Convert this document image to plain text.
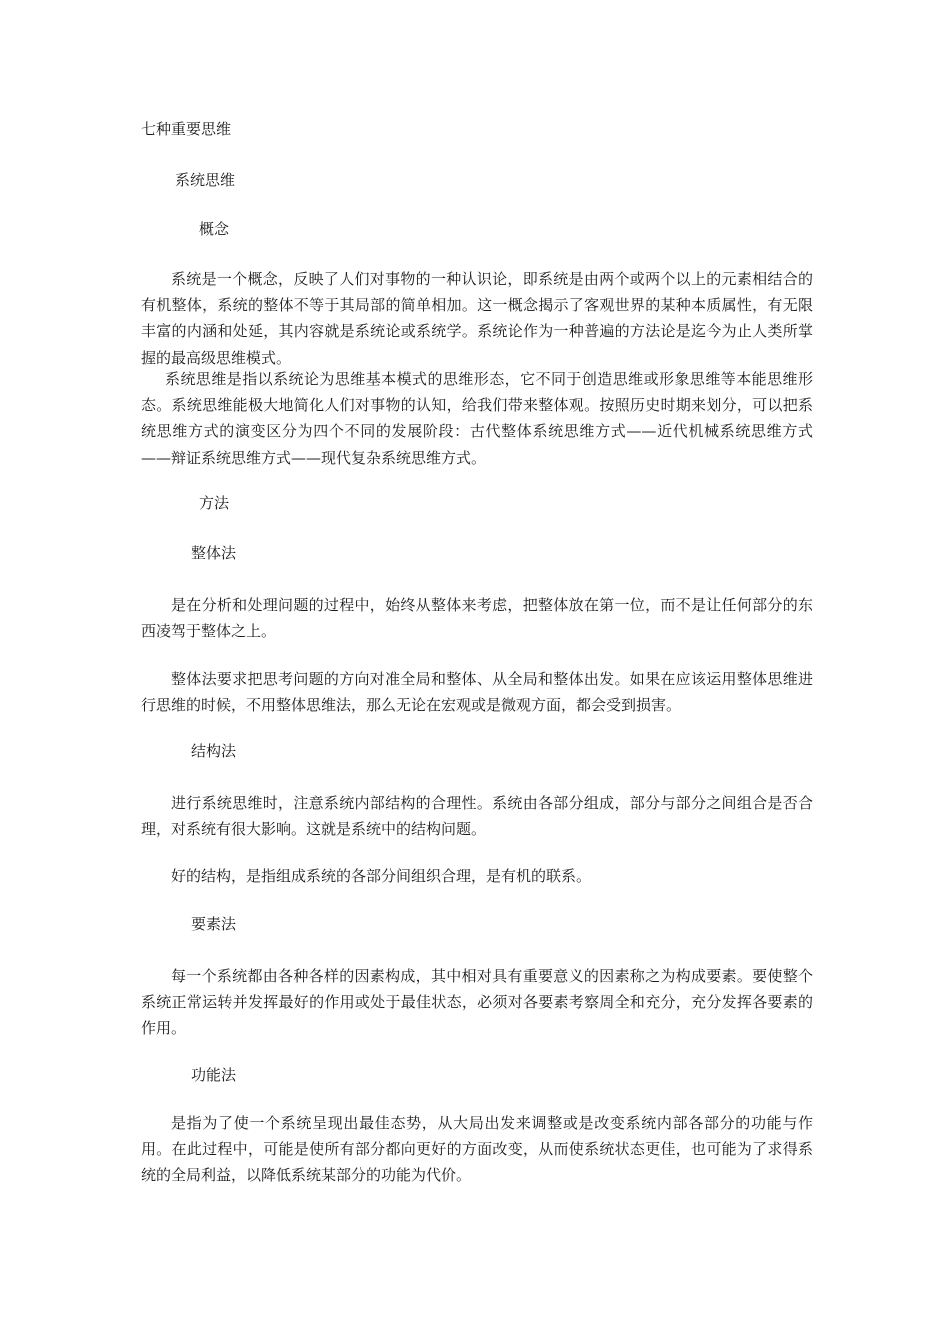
七种重要思维
系统思维
概念
系统是一个概念，反映了人们对事物的一种认识论，即系统是由两个或两个以上的元素相结合的有机整体，系统的整体不等于其局部的简单相加。这一概念揭示了客观世界的某种本质属性，有无限丰富的内涵和处延，其内容就是系统论或系统学。系统论作为一种普遍的方法论是迄今为止人类所掌握的最高级思维模式。
系统思维是指以系统论为思维基本模式的思维形态，它不同于创造思维或形象思维等本能思维形态。系统思维能极大地简化人们对事物的认知，给我们带来整体观。按照历史时期来划分，可以把系统思维方式的演变区分为四个不同的发展阶段：古代整体系统思维方式——近代机械系统思维方式——辩证系统思维方式——现代复杂系统思维方式。
方法
整体法
是在分析和处理问题的过程中，始终从整体来考虑，把整体放在第一位，而不是让任何部分的东西凌驾于整体之上。
整体法要求把思考问题的方向对准全局和整体、从全局和整体出发。如果在应该运用整体思维进行思维的时候，不用整体思维法，那么无论在宏观或是微观方面，都会受到损害。
结构法
进行系统思维时，注意系统内部结构的合理性。系统由各部分组成，部分与部分之间组合是否合理，对系统有很大影响。这就是系统中的结构问题。
好的结构，是指组成系统的各部分间组织合理，是有机的联系。
要素法
每一个系统都由各种各样的因素构成，其中相对具有重要意义的因素称之为构成要素。要使整个系统正常运转并发挥最好的作用或处于最佳状态，必须对各要素考察周全和充分，充分发挥各要素的作用。
功能法
是指为了使一个系统呈现出最佳态势，从大局出发来调整或是改变系统内部各部分的功能与作用。在此过程中，可能是使所有部分都向更好的方面改变，从而使系统状态更佳，也可能为了求得系统的全局利益，以降低系统某部分的功能为代价。
